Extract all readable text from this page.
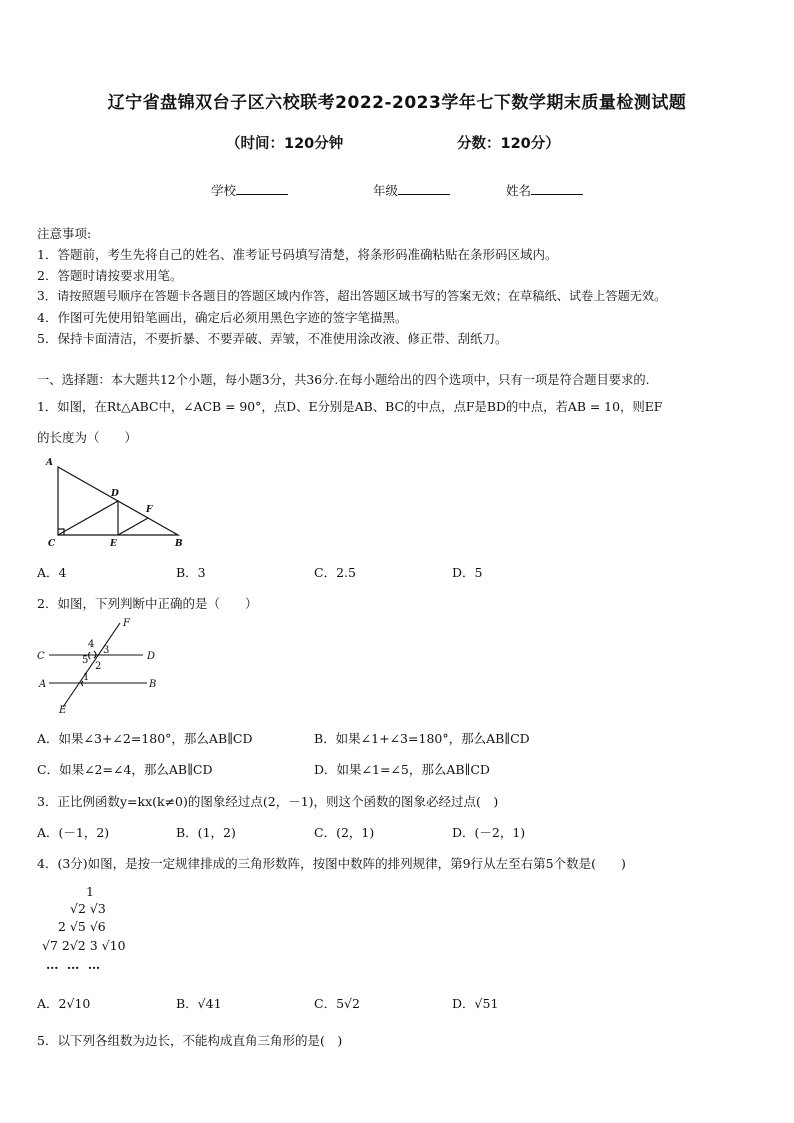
辽宁省盘锦双台子区六校联考2022-2023学年七下数学期末质量检测试题
（时间：120分钟	分数：120分）
学校	年级	姓名
注意事项:
1．答题前，考生先将自己的姓名、准考证号码填写清楚，将条形码准确粘贴在条形码区域内。
2．答题时请按要求用笔。
3．请按照题号顺序在答题卡各题目的答题区域内作答，超出答题区域书写的答案无效；在草稿纸、试卷上答题无效。
4．作图可先使用铅笔画出，确定后必须用黑色字迹的签字笔描黑。
5．保持卡面清洁，不要折暴、不要弄破、弄皱，不准使用涂改液、修正带、刮纸刀。
一、选择题：本大题共12个小题，每小题3分，共36分.在每小题给出的四个选项中，只有一项是符合题目要求的.
1．如图，在Rt△ABC中，∠ACB = 90°，点D、E分别是AB、BC的中点，点F是BD的中点，若AB = 10，则EF
的长度为（　　）
A
D
F
C	E	B
A．4	B．3	C．2.5	D．5
2．如图，下列判断中正确的是（　　）
F
C	D
A	B
E
4
3
5
2
1
A．如果∠3+∠2=180°，那么AB∥CD	B．如果∠1+∠3=180°，那么AB∥CD
C．如果∠2=∠4，那么AB∥CD	D．如果∠1=∠5，那么AB∥CD
3．正比例函数y=kx(k≠0)的图象经过点(2，－1)，则这个函数的图象必经过点(　)
A．(－1，2)	B．(1，2)	C．(2，1)	D．(－2，1)
4．(3分)如图，是按一定规律排成的三角形数阵，按图中数阵的排列规律，第9行从左至右第5个数是(　　)
1
√2 √3
2 √5 √6
√7 2√2 3 √10
… … …
A．2√10	B．√41	C．5√2	D．√51
5．以下列各组数为边长，不能构成直角三角形的是(　)
